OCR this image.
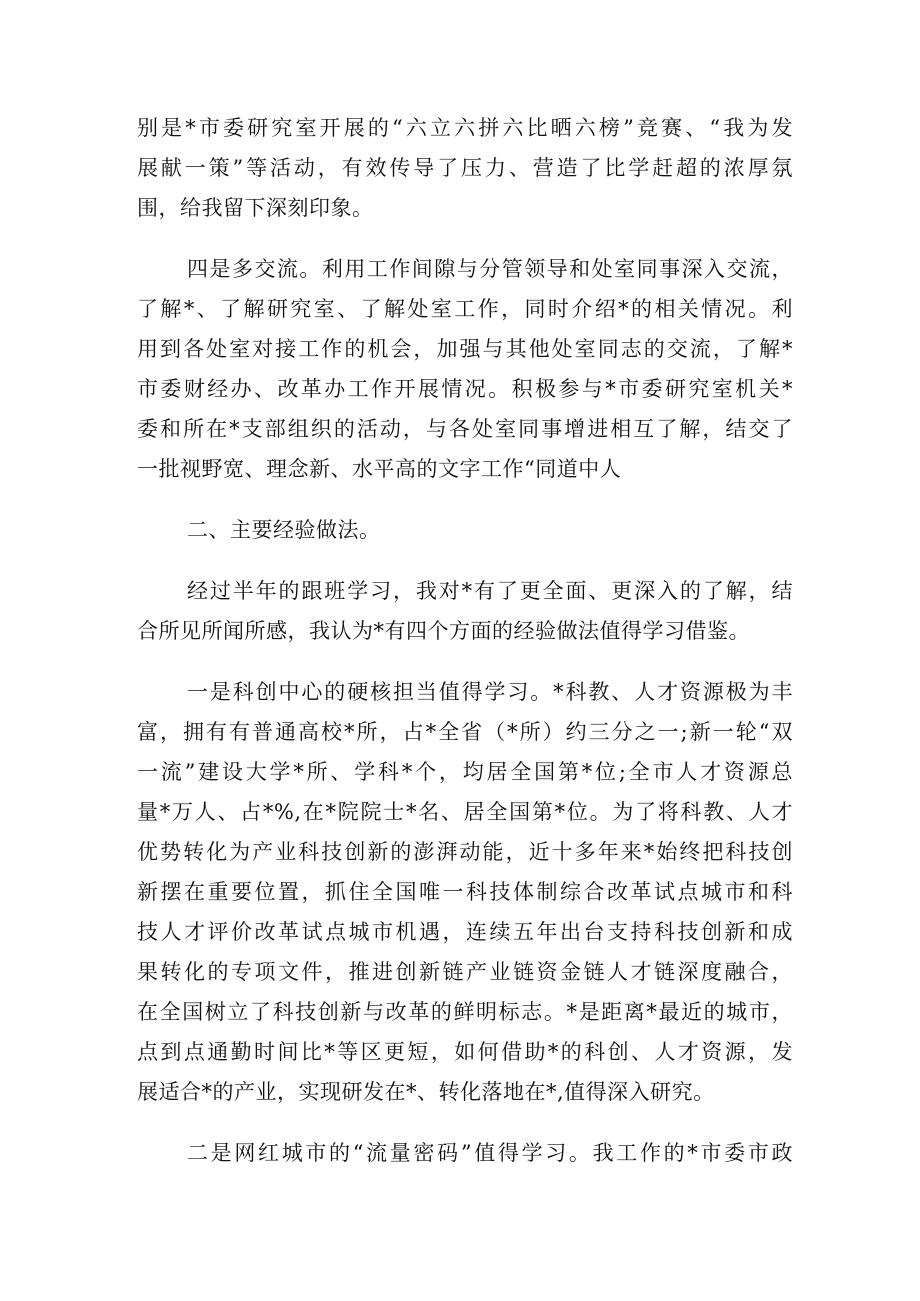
别是*市委研究室开展的“六立六拼六比晒六榜”竞赛、“我为发
展献一策”等活动，有效传导了压力、营造了比学赶超的浓厚氛
围，给我留下深刻印象。
四是多交流。利用工作间隙与分管领导和处室同事深入交流，
了解*、了解研究室、了解处室工作，同时介绍*的相关情况。利
用到各处室对接工作的机会，加强与其他处室同志的交流，了解*
市委财经办、改革办工作开展情况。积极参与*市委研究室机关*
委和所在*支部组织的活动，与各处室同事增进相互了解，结交了
一批视野宽、理念新、水平高的文字工作“同道中人
二、主要经验做法。
经过半年的跟班学习，我对*有了更全面、更深入的了解，结
合所见所闻所感，我认为*有四个方面的经验做法值得学习借鉴。
一是科创中心的硬核担当值得学习。*科教、人才资源极为丰
富，拥有有普通高校*所，占*全省（*所）约三分之一;新一轮“双
一流”建设大学*所、学科*个，均居全国第*位;全市人才资源总
量*万人、占*%,在*院院士*名、居全国第*位。为了将科教、人才
优势转化为产业科技创新的澎湃动能，近十多年来*始终把科技创
新摆在重要位置，抓住全国唯一科技体制综合改革试点城市和科
技人才评价改革试点城市机遇，连续五年出台支持科技创新和成
果转化的专项文件，推进创新链产业链资金链人才链深度融合，
在全国树立了科技创新与改革的鲜明标志。*是距离*最近的城市，
点到点通勤时间比*等区更短，如何借助*的科创、人才资源，发
展适合*的产业，实现研发在*、转化落地在*,值得深入研究。
二是网红城市的“流量密码”值得学习。我工作的*市委市政
